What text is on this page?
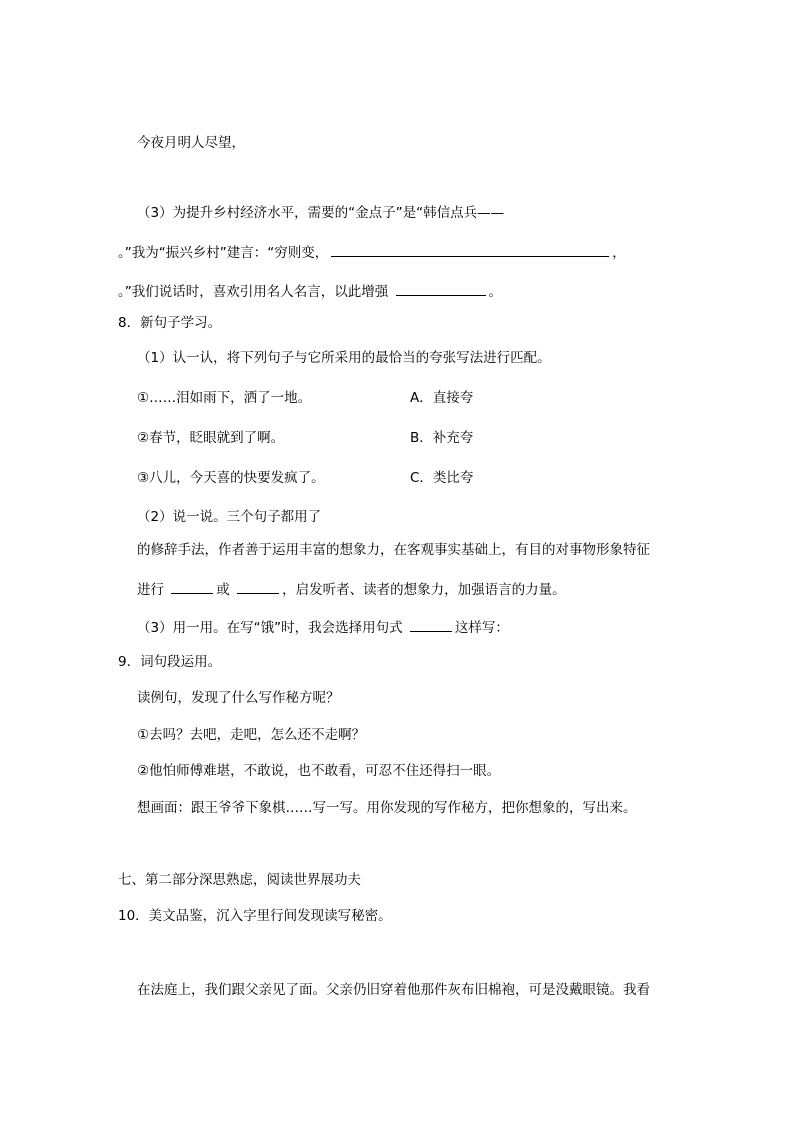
今夜月明人尽望，
（3）为提升乡村经济水平，需要的“金点子”是“韩信点兵——
。”我为“振兴乡村”建言：“穷则变，	，
。”我们说话时，喜欢引用名人名言，以此增强	。
8．新句子学习。
（1）认一认，将下列句子与它所采用的最恰当的夸张写法进行匹配。
①……泪如雨下，洒了一地。	A．直接夸
②春节，眨眼就到了啊。	B．补充夸
③八儿，今天喜的快要发疯了。	C．类比夸
（2）说一说。三个句子都用了
的修辞手法，作者善于运用丰富的想象力，在客观事实基础上，有目的对事物形象特征
进行	或	，启发听者、读者的想象力，加强语言的力量。
（3）用一用。在写“饿”时，我会选择用句式	这样写：
9．词句段运用。
读例句，发现了什么写作秘方呢？
①去吗？去吧，走吧，怎么还不走啊？
②他怕师傅难堪，不敢说，也不敢看，可忍不住还得扫一眼。
想画面：跟王爷爷下象棋……写一写。用你发现的写作秘方，把你想象的，写出来。
七、第二部分深思熟虑，阅读世界展功夫
10．美文品鉴，沉入字里行间发现读写秘密。
在法庭上，我们跟父亲见了面。父亲仍旧穿着他那件灰布旧棉袍，可是没戴眼镜。我看
